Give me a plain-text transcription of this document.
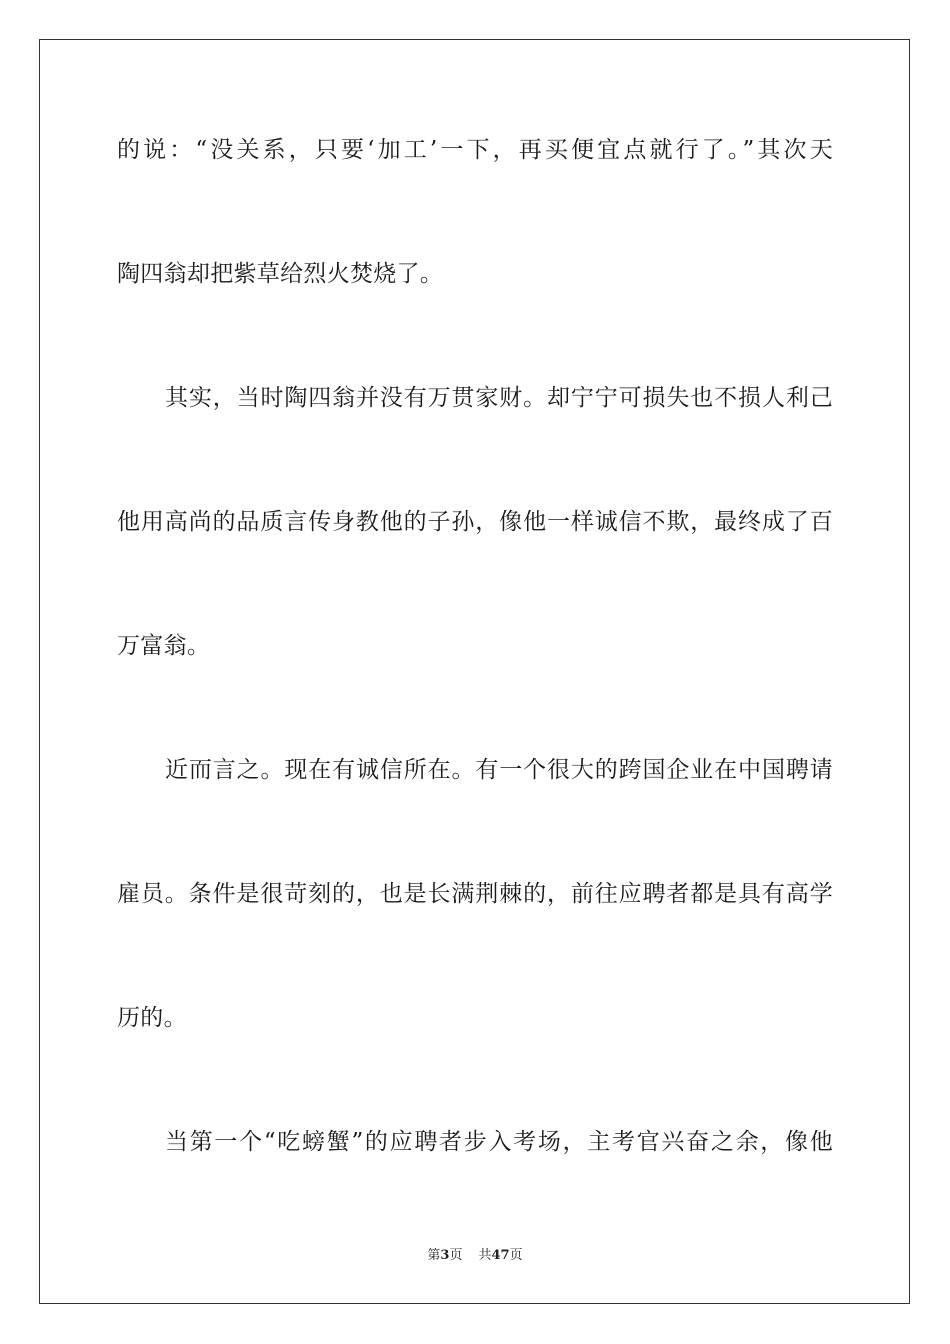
的说：“没关系，只要‘加工’一下，再买便宜点就行了。”其次天
陶四翁却把紫草给烈火焚烧了。
其实，当时陶四翁并没有万贯家财。却宁宁可损失也不损人利己
他用高尚的品质言传身教他的子孙，像他一样诚信不欺，最终成了百
万富翁。
近而言之。现在有诚信所在。有一个很大的跨国企业在中国聘请
雇员。条件是很苛刻的，也是长满荆棘的，前往应聘者都是具有高学
历的。
当第一个“吃螃蟹”的应聘者步入考场，主考官兴奋之余，像他
第3页 共47页
